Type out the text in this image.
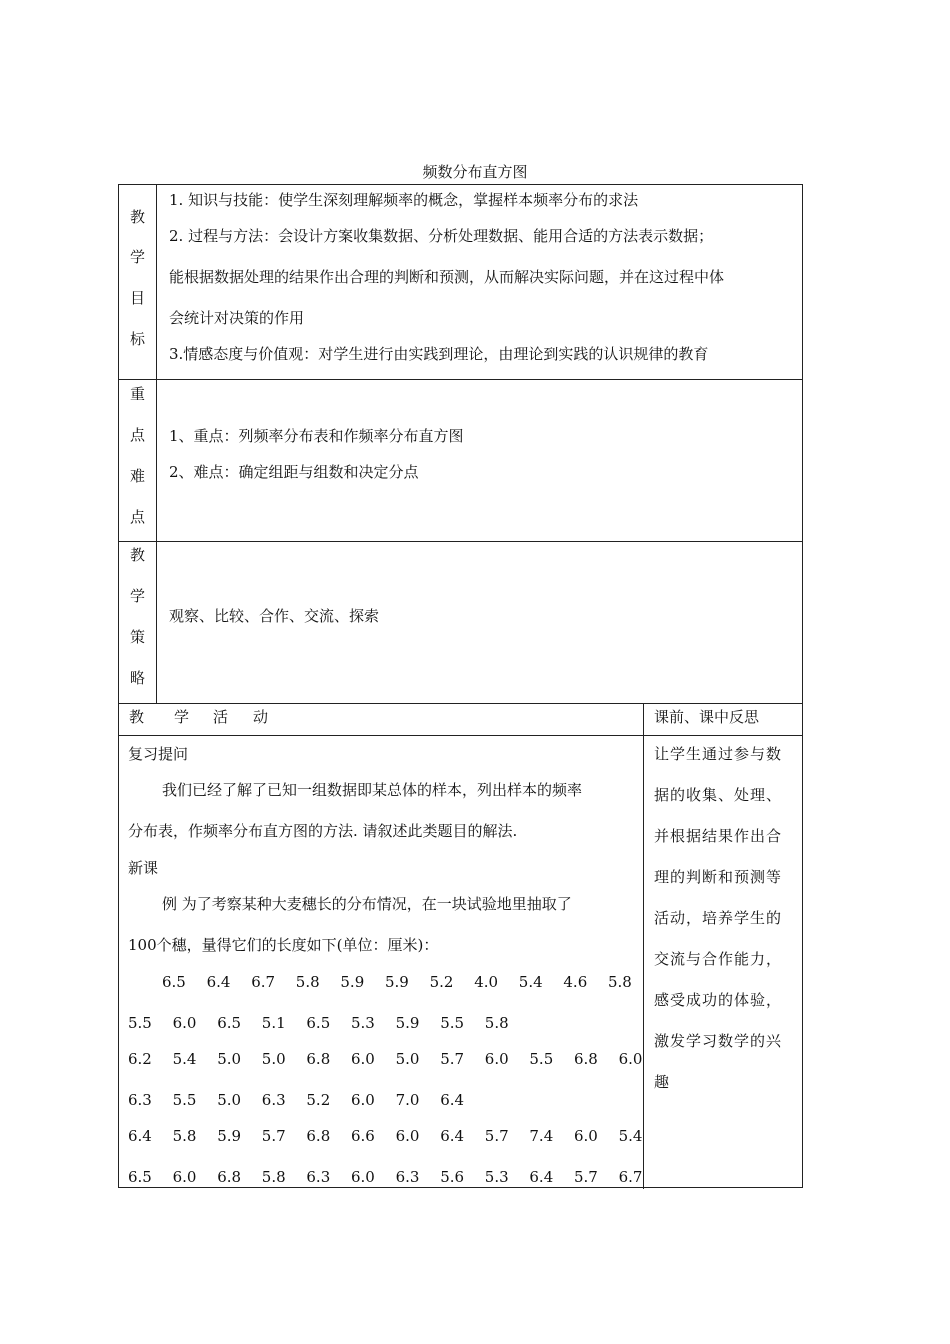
频数分布直方图
教
学
目
标
1. 知识与技能：使学生深刻理解频率的概念，掌握样本频率分布的求法
2. 过程与方法：会设计方案收集数据、分析处理数据、能用合适的方法表示数据；
能根据数据处理的结果作出合理的判断和预测，从而解决实际问题，并在这过程中体
会统计对决策的作用
3.情感态度与价值观：对学生进行由实践到理论，由理论到实践的认识规律的教育
重
点
难
点
1、重点：列频率分布表和作频率分布直方图
2、难点：确定组距与组数和决定分点
教
学
策
略
观察、比较、合作、交流、探索
教 学 活 动	课前、课中反思
复习提问
我们已经了解了已知一组数据即某总体的样本，列出样本的频率
分布表，作频率分布直方图的方法. 请叙述此类题目的解法.
新课
例 为了考察某种大麦穗长的分布情况，在一块试验地里抽取了
100个穗，量得它们的长度如下(单位：厘米)：
6.5 6.4 6.7 5.8 5.9 5.9 5.2 4.0 5.4 4.6 5.8
5.5 6.0 6.5 5.1 6.5 5.3 5.9 5.5 5.8
6.2 5.4 5.0 5.0 6.8 6.0 5.0 5.7 6.0 5.5 6.8 6.0
6.3 5.5 5.0 6.3 5.2 6.0 7.0 6.4
6.4 5.8 5.9 5.7 6.8 6.6 6.0 6.4 5.7 7.4 6.0 5.4
6.5 6.0 6.8 5.8 6.3 6.0 6.3 5.6 5.3 6.4 5.7 6.7
让学生通过参与数
据的收集、处理、
并根据结果作出合
理的判断和预测等
活动，培养学生的
交流与合作能力，
感受成功的体验，
激发学习数学的兴
趣
